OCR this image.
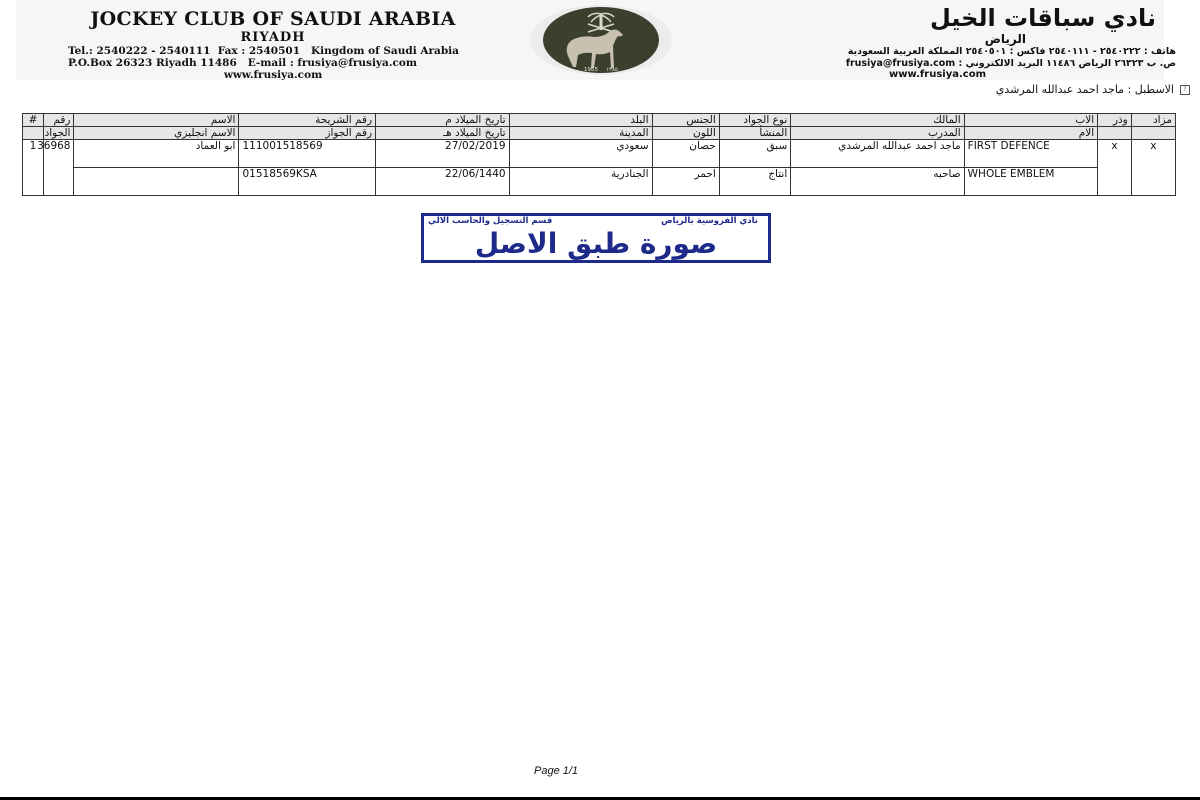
JOCKEY CLUB OF SAUDI ARABIA
RIYADH
Tel.: 2540222 - 2540111  Fax : 2540501   Kingdom of Saudi Arabia
P.O.Box 26323 Riyadh 11486   E-mail : frusiya@frusiya.com
www.frusiya.com	1965 ١٣٨٥
نادي سباقات الخيل
الرياض
هاتف : ٢٥٤٠٢٢٢ - ٢٥٤٠١١١ فاكس : ٢٥٤٠٥٠١ المملكة العربية السعودية
ص. ب ٢٦٣٢٣ الرياض ١١٤٨٦ البريد الالكتروني : frusiya@frusiya.com
www.frusiya.com
?
الاسطبل : ماجد احمد عبدالله المرشدي
#	رقم	الاسم	رقم الشريحة	تاريخ الميلاد م	البلد	الجنس	نوع الجواد	المالك	الاب	وذر	مزاد
	الجواد	الاسم انجليزي	رقم الجواز	تاريخ الميلاد هـ	المدينة	اللون	المنشأ	المدرب	الام		
1	36968	ابو العماد	111001518569	27/02/2019	سعودي	حصان	سبق	ماجد احمد عبدالله المرشدي	FIRST DEFENCE	x	x
			01518569KSA	22/06/1440	الجنادرية	احمر	انتاج	صاحبه	WHOLE EMBLEM		
نادي الفروسية بالرياض
قسم التسجيل والحاسب الالي
صورة طبق الاصل
Page 1/1
